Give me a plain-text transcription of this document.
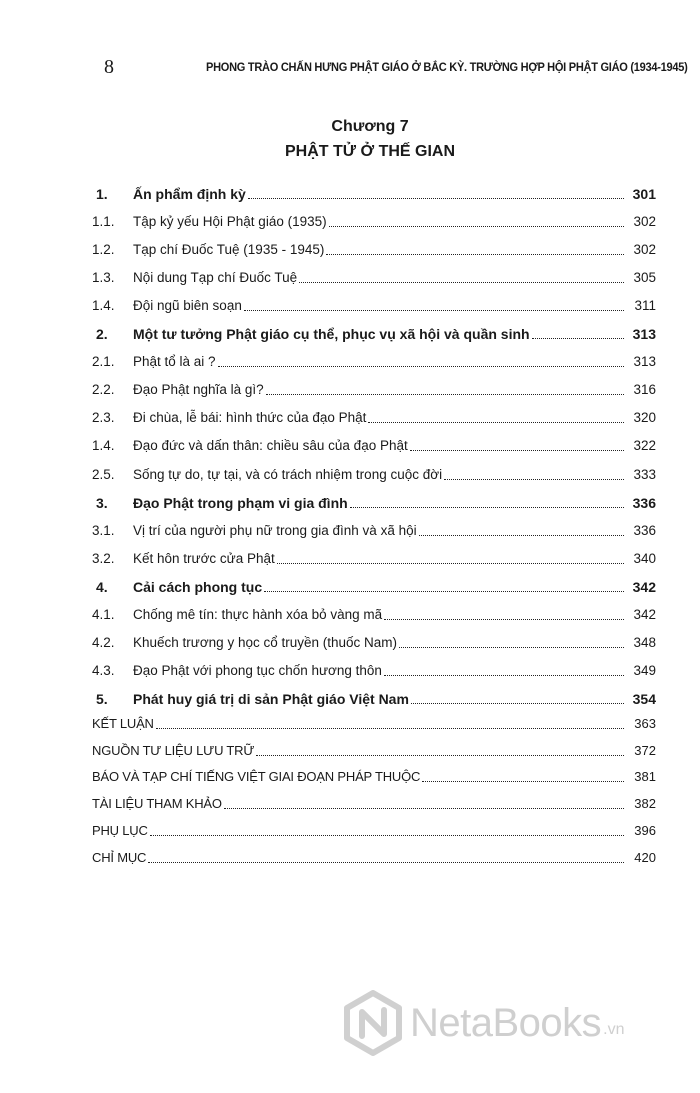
8	PHONG TRÀO CHẤN HƯNG PHẬT GIÁO Ở BẮC KỲ. TRƯỜNG HỢP HỘI PHẬT GIÁO (1934-1945)
Chương 7
PHẬT TỬ Ở THẾ GIAN
1.	Ấn phẩm định kỳ	301
1.1.	Tập kỷ yếu Hội Phật giáo (1935)	302
1.2.	Tạp chí Đuốc Tuệ (1935 - 1945)	302
1.3.	Nội dung Tạp chí Đuốc Tuệ	305
1.4.	Đội ngũ biên soạn	311
2.	Một tư tưởng Phật giáo cụ thể, phục vụ xã hội và quần sinh	313
2.1.	Phật tổ là ai ?	313
2.2.	Đạo Phật nghĩa là gì?	316
2.3.	Đi chùa, lễ bái: hình thức của đạo Phật	320
1.4.	Đạo đức và dấn thân: chiều sâu của đạo Phật	322
2.5.	Sống tự do, tự tại, và có trách nhiệm trong cuộc đời	333
3.	Đạo Phật trong phạm vi gia đình	336
3.1.	Vị trí của người phụ nữ trong gia đình và xã hội	336
3.2.	Kết hôn trước cửa Phật	340
4.	Cải cách phong tục	342
4.1.	Chống mê tín: thực hành xóa bỏ vàng mã	342
4.2.	Khuếch trương y học cổ truyền (thuốc Nam)	348
4.3.	Đạo Phật với phong tục chốn hương thôn	349
5.	Phát huy giá trị di sản Phật giáo Việt Nam	354
KẾT LUẬN	363
NGUỒN TƯ LIỆU LƯU TRỮ	372
BÁO VÀ TẠP CHÍ TIẾNG VIỆT GIAI ĐOẠN PHÁP THUỘC	381
TÀI LIỆU THAM KHẢO	382
PHỤ LỤC	396
CHỈ MỤC	420
NetaBooks .vn
